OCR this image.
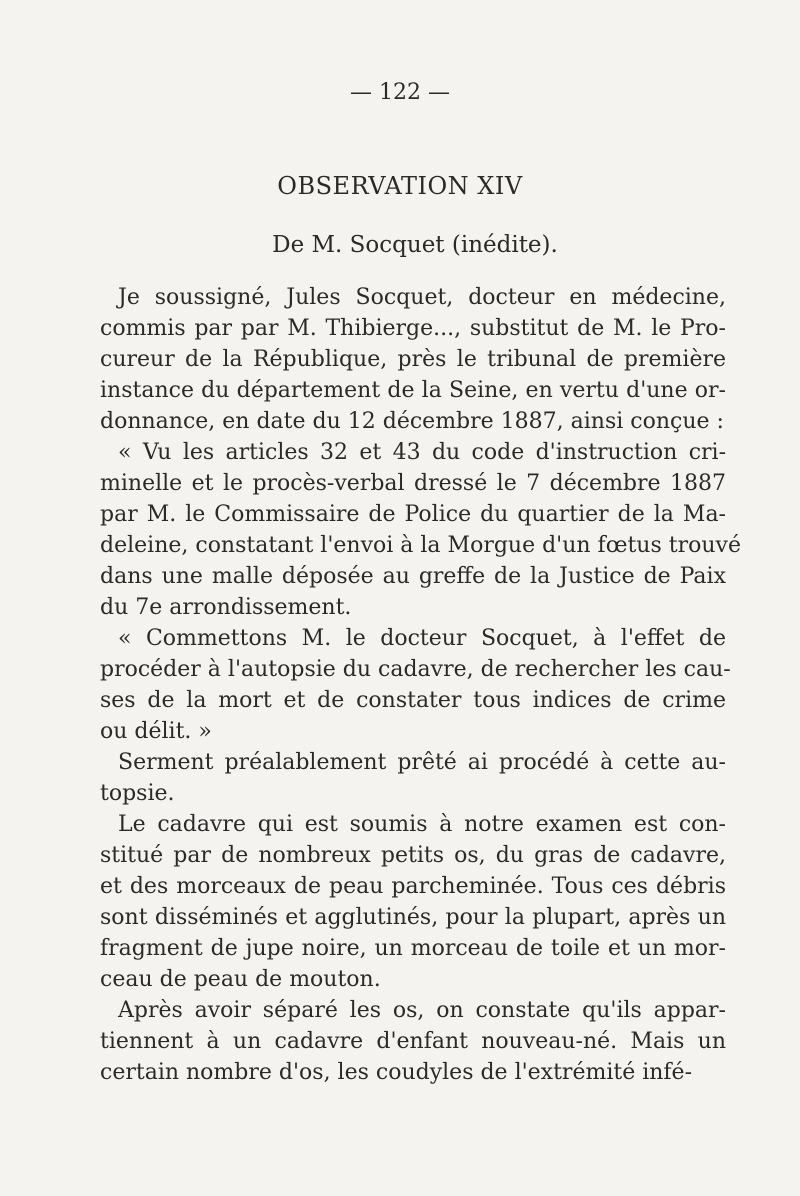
— 122 —
OBSERVATION XIV
De M. Socquet (inédite).
Je soussigné, Jules Socquet, docteur en médecine,
commis par par M. Thibierge..., substitut de M. le Pro-
cureur de la République, près le tribunal de première
instance du département de la Seine, en vertu d'une or-
donnance, en date du 12 décembre 1887, ainsi conçue :
« Vu les articles 32 et 43 du code d'instruction cri-
minelle et le procès-verbal dressé le 7 décembre 1887
par M. le Commissaire de Police du quartier de la Ma-
deleine, constatant l'envoi à la Morgue d'un fœtus trouvé
dans une malle déposée au greffe de la Justice de Paix
du 7e arrondissement.
« Commettons M. le docteur Socquet, à l'effet de
procéder à l'autopsie du cadavre, de rechercher les cau-
ses de la mort et de constater tous indices de crime
ou délit. »
Serment préalablement prêté ai procédé à cette au-
topsie.
Le cadavre qui est soumis à notre examen est con-
stitué par de nombreux petits os, du gras de cadavre,
et des morceaux de peau parcheminée. Tous ces débris
sont disséminés et agglutinés, pour la plupart, après un
fragment de jupe noire, un morceau de toile et un mor-
ceau de peau de mouton.
Après avoir séparé les os, on constate qu'ils appar-
tiennent à un cadavre d'enfant nouveau-né. Mais un
certain nombre d'os, les coudyles de l'extrémité infé-
